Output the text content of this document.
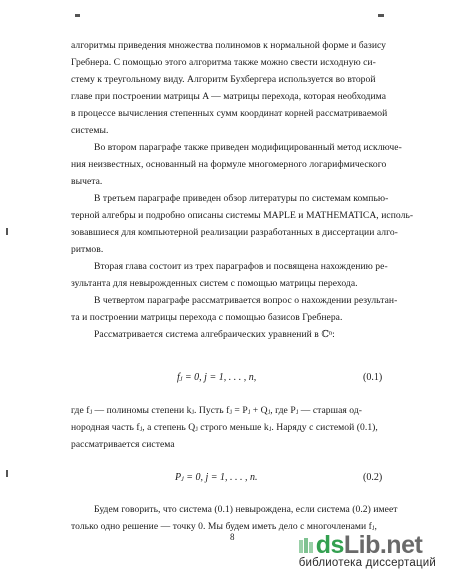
алгоритмы приведения множества полиномов к нормальной форме и базису
Гребнера. С помощью этого алгоритма также можно свести исходную си-
стему к треугольному виду. Алгоритм Бухбергера используется во второй
главе при построении матрицы A — матрицы перехода, которая необходима
в процессе вычисления степенных сумм координат корней рассматриваемой
системы.
Во втором параграфе также приведен модифицированный метод исключе-
ния неизвестных, основанный на формуле многомерного логарифмического
вычета.
В третьем параграфе приведен обзор литературы по системам компью-
терной алгебры и подробно описаны системы MAPLE и MATHEMATICA, исполь-
зовавшиеся для компьютерной реализации разработанных в диссертации алго-
ритмов.
Вторая глава состоит из трех параграфов и посвящена нахождению ре-
зультанта для невырожденных систем с помощью матрицы перехода.
В четвертом параграфе рассматривается вопрос о нахождении результан-
та и построении матрицы перехода с помощью базисов Гребнера.
Рассматривается система алгебраических уравнений в ℂⁿ:
fⱼ = 0, j = 1, . . . , n,	(0.1)
где fⱼ — полиномы степени kⱼ. Пусть fⱼ = Pⱼ + Qⱼ, где Pⱼ — старшая од-
нородная часть fⱼ, а степень Qⱼ строго меньше kⱼ. Наряду с системой (0.1),
рассматривается система
Pⱼ = 0, j = 1, . . . , n.	(0.2)
Будем говорить, что система (0.1) невырождена, если система (0.2) имеет
только одно решение — точку 0. Мы будем иметь дело с многочленами fⱼ,
8	ds Lib.net
библиотека диссертаций
